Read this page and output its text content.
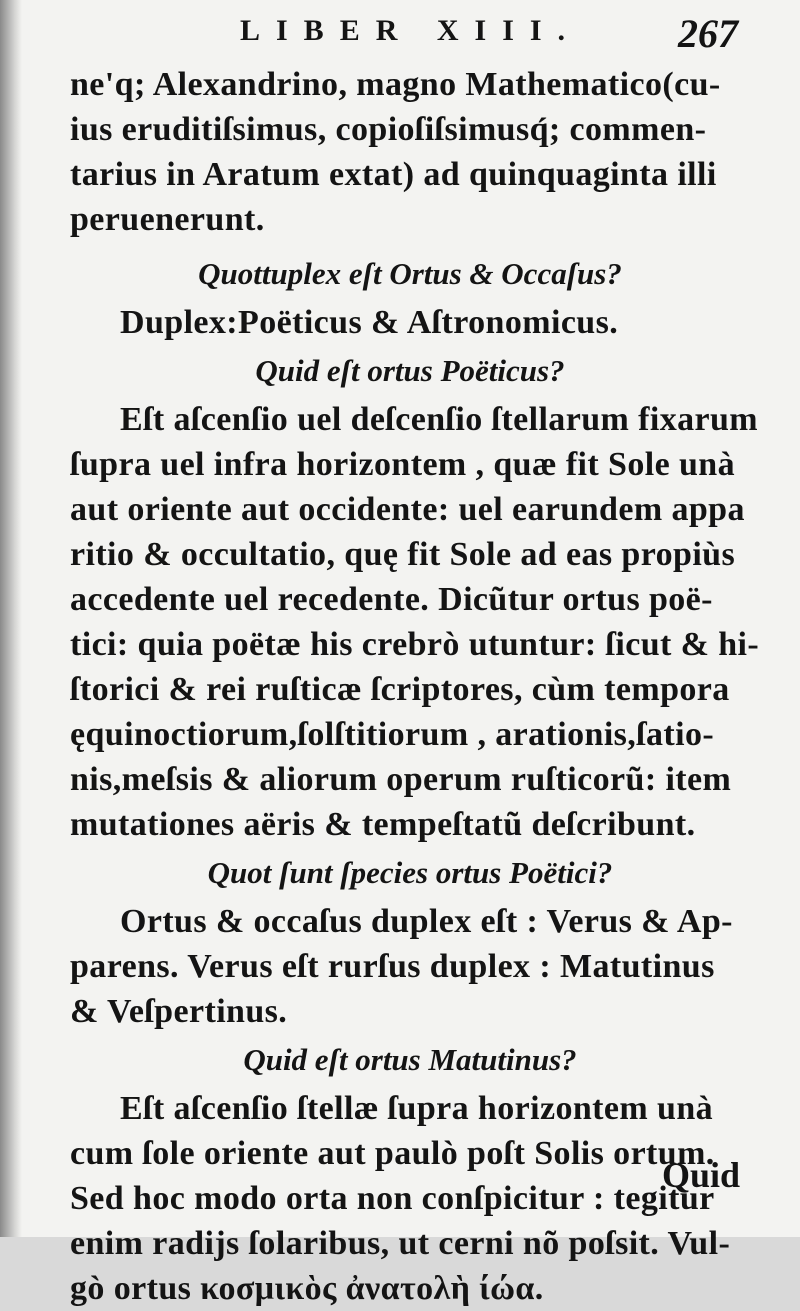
LIBER XIII. 267
ne'q; Alexandrino, magno Mathematico(cu-
ius eruditiſsimus, copioſiſsimusq́; commen-
tarius in Aratum extat) ad quinquaginta illi
peruenerunt.
Quottuplex eſt Ortus & Occaſus?
Duplex:Poëticus & Aſtronomicus.
Quid eſt ortus Poëticus?
Eſt aſcenſio uel deſcenſio ſtellarum fixarum
ſupra uel infra horizontem , quæ fit Sole unà
aut oriente aut occidente: uel earundem appa
ritio & occultatio, quę fit Sole ad eas propiùs
accedente uel recedente. Dicũtur ortus poë-
tici: quia poëtæ his crebrò utuntur: ſicut & hi-
ſtorici & rei ruſticæ ſcriptores, cùm tempora
ęquinoctiorum,ſolſtitiorum , arationis,ſatio-
nis,meſsis & aliorum operum ruſticorũ: item
mutationes aëris & tempeſtatũ deſcribunt.
Quot ſunt ſpecies ortus Poëtici?
Ortus & occaſus duplex eſt : Verus & Ap-
parens. Verus eſt rurſus duplex : Matutinus
& Veſpertinus.
Quid eſt ortus Matutinus?
Eſt aſcenſio ſtellæ ſupra horizontem unà
cum ſole oriente aut paulò poſt Solis ortum.
Sed hoc modo orta non conſpicitur : tegitur
enim radijs ſolaribus, ut cerni nõ poſsit. Vul-
gò ortus κοσμικὸς ἀνατολὴ ίώα.
Quid
